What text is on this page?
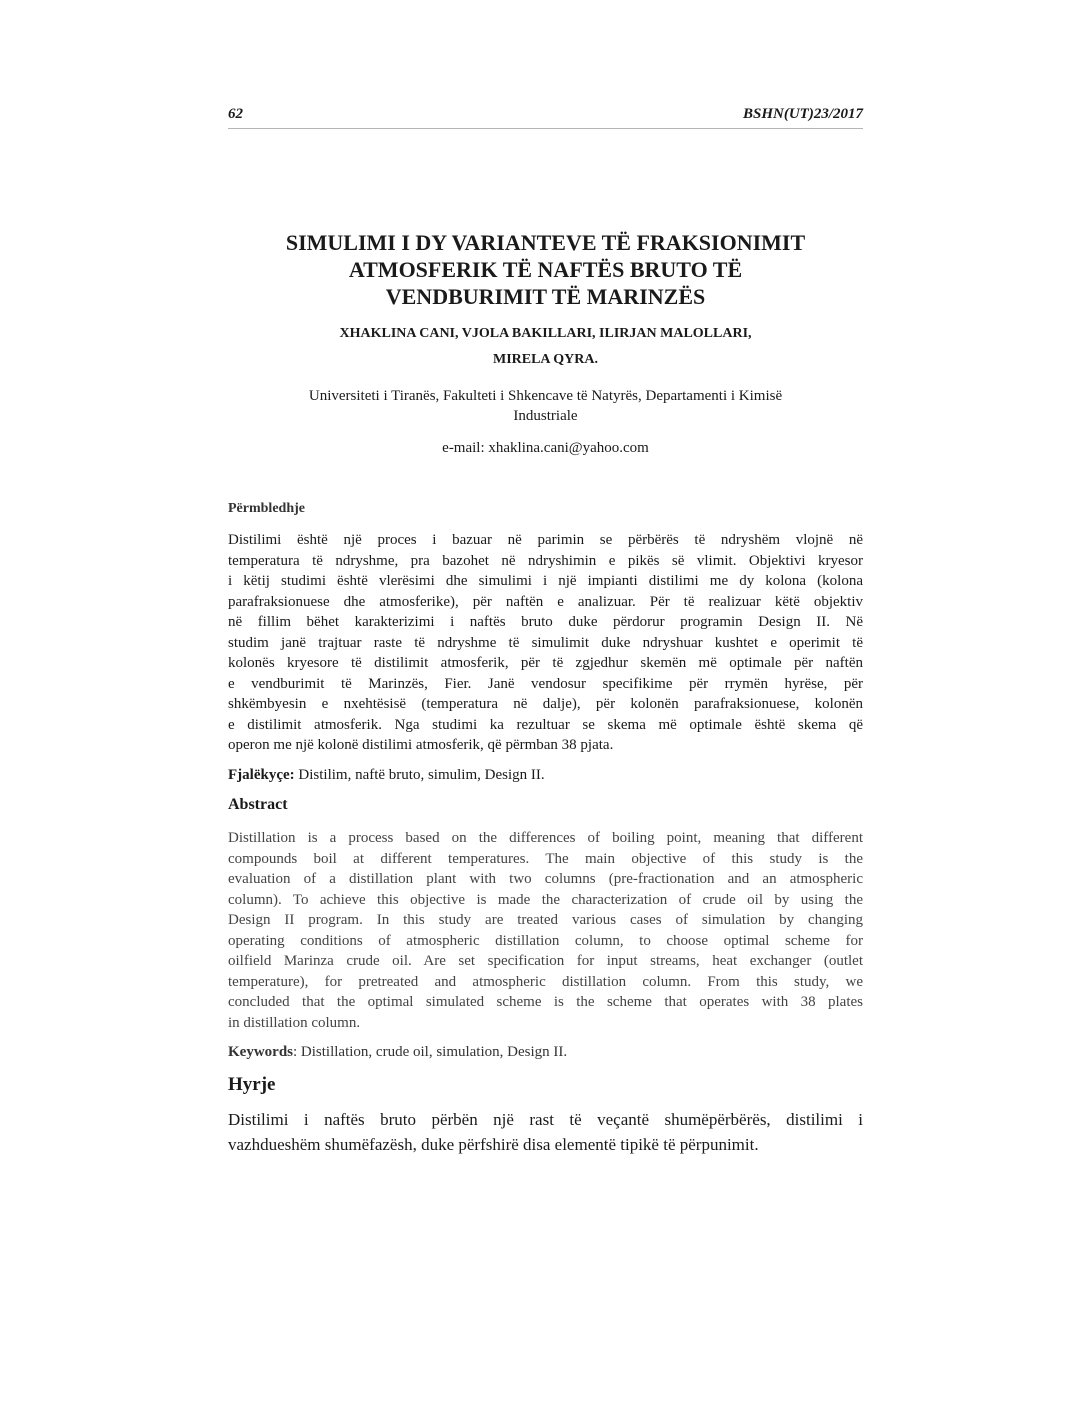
62	BSHN(UT)23/2017
SIMULIMI I DY VARIANTEVE TË FRAKSIONIMIT
ATMOSFERIK TË NAFTËS BRUTO TË
VENDBURIMIT TË MARINZËS
XHAKLINA CANI, VJOLA BAKILLARI, ILIRJAN MALOLLARI,
MIRELA QYRA.
Universiteti i Tiranës, Fakulteti i Shkencave të Natyrës, Departamenti i Kimisë
Industriale
e-mail: xhaklina.cani@yahoo.com
Përmbledhje

Distilimi është një proces i bazuar në parimin se përbërës të ndryshëm vlojnë në
temperatura të ndryshme, pra bazohet në ndryshimin e pikës së vlimit. Objektivi kryesor
i këtij studimi është vlerësimi dhe simulimi i një impianti distilimi me dy kolona (kolona
parafraksionuese dhe atmosferike), për naftën e analizuar. Për të realizuar këtë objektiv
në fillim bëhet karakterizimi i naftës bruto duke përdorur programin Design II. Në
studim janë trajtuar raste të ndryshme të simulimit duke ndryshuar kushtet e operimit të
kolonës kryesore të distilimit atmosferik, për të zgjedhur skemën më optimale për naftën
e vendburimit të Marinzës, Fier. Janë vendosur specifikime për rrymën hyrëse, për
shkëmbyesin e nxehtësisë (temperatura në dalje), për kolonën parafraksionuese, kolonën
e distilimit atmosferik. Nga studimi ka rezultuar se skema më optimale është skema që
operon me një kolonë distilimi atmosferik, që përmban 38 pjata.

Fjalëkyçe: Distilim, naftë bruto, simulim, Design II.
Abstract

Distillation is a process based on the differences of boiling point, meaning that different
compounds boil at different temperatures. The main objective of this study is the
evaluation of a distillation plant with two columns (pre-fractionation and an atmospheric
column). To achieve this objective is made the characterization of crude oil by using the
Design II program. In this study are treated various cases of simulation by changing
operating conditions of atmospheric distillation column, to choose optimal scheme for
oilfield Marinza crude oil. Are set specification for input streams, heat exchanger (outlet
temperature), for pretreated and atmospheric distillation column. From this study, we
concluded that the optimal simulated scheme is the scheme that operates with 38 plates
in distillation column.

Keywords: Distillation, crude oil, simulation, Design II.
Hyrje

Distilimi i naftës bruto përbën një rast të veçantë shumëpërbërës, distilimi i
vazhdueshëm shumëfazësh, duke përfshirë disa elementë tipikë të përpunimit.
